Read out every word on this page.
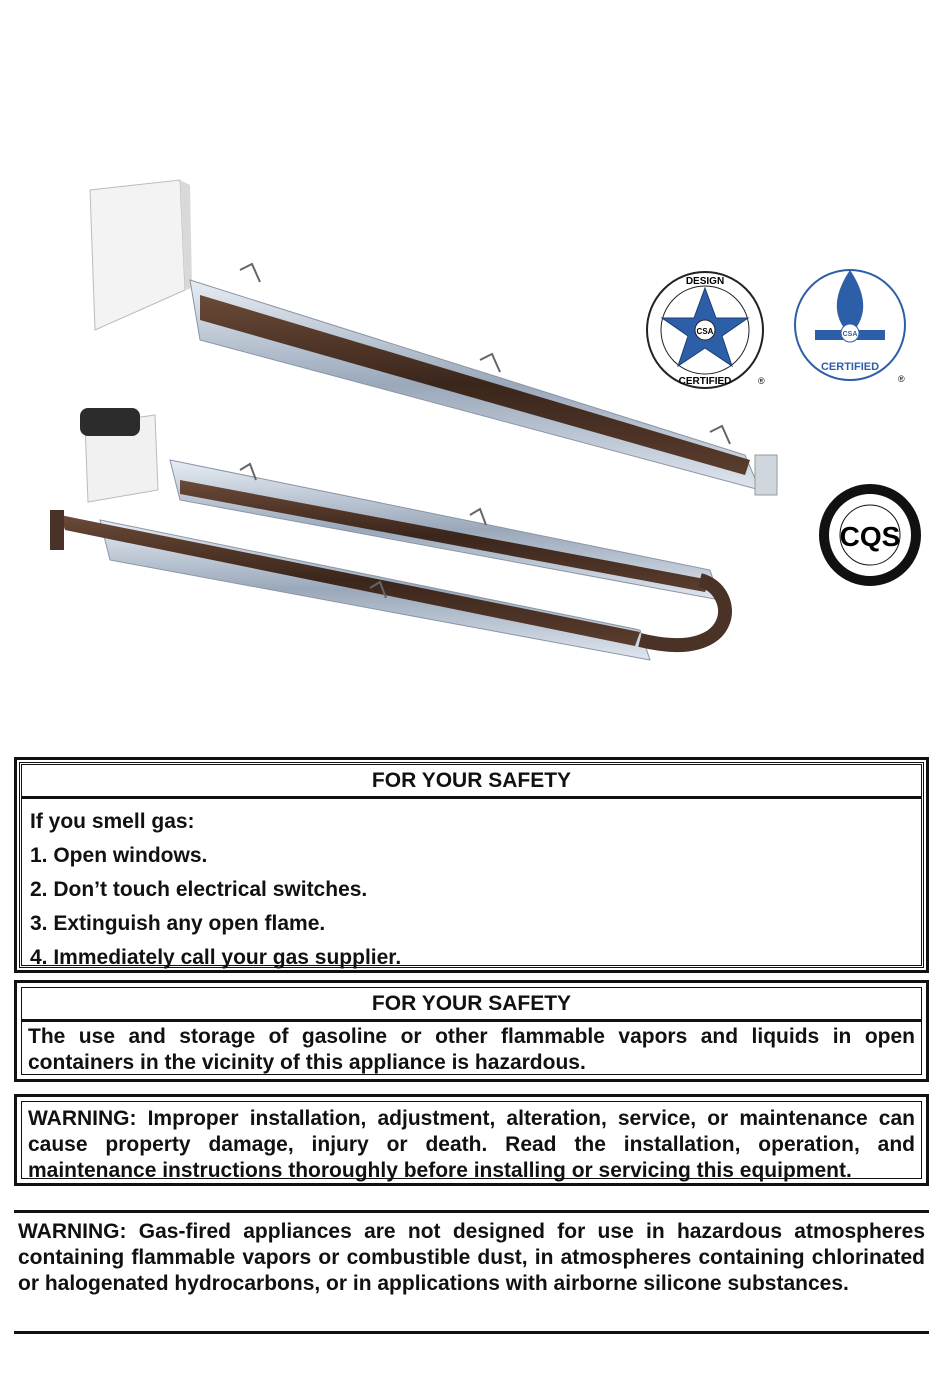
DESIGN
CERTIFIED
CSA
®
CSA
CERTIFIED
®
CQS
FOR YOUR SAFETY
If you smell gas:
1. Open windows.
2. Don’t touch electrical switches.
3. Extinguish any open flame.
4. Immediately call your gas supplier.
FOR YOUR SAFETY
The use and storage of gasoline or other flammable vapors and liquids in open containers in the vicinity of this appliance is hazardous.
WARNING: Improper installation, adjustment, alteration, service, or maintenance can cause property damage, injury or death. Read the installation, operation, and maintenance instructions thoroughly before installing or servicing this equipment.
WARNING: Gas-fired appliances are not designed for use in hazardous atmospheres containing flammable vapors or combustible dust, in atmospheres containing chlorinated or halogenated hydrocarbons, or in applications with airborne silicone substances.
